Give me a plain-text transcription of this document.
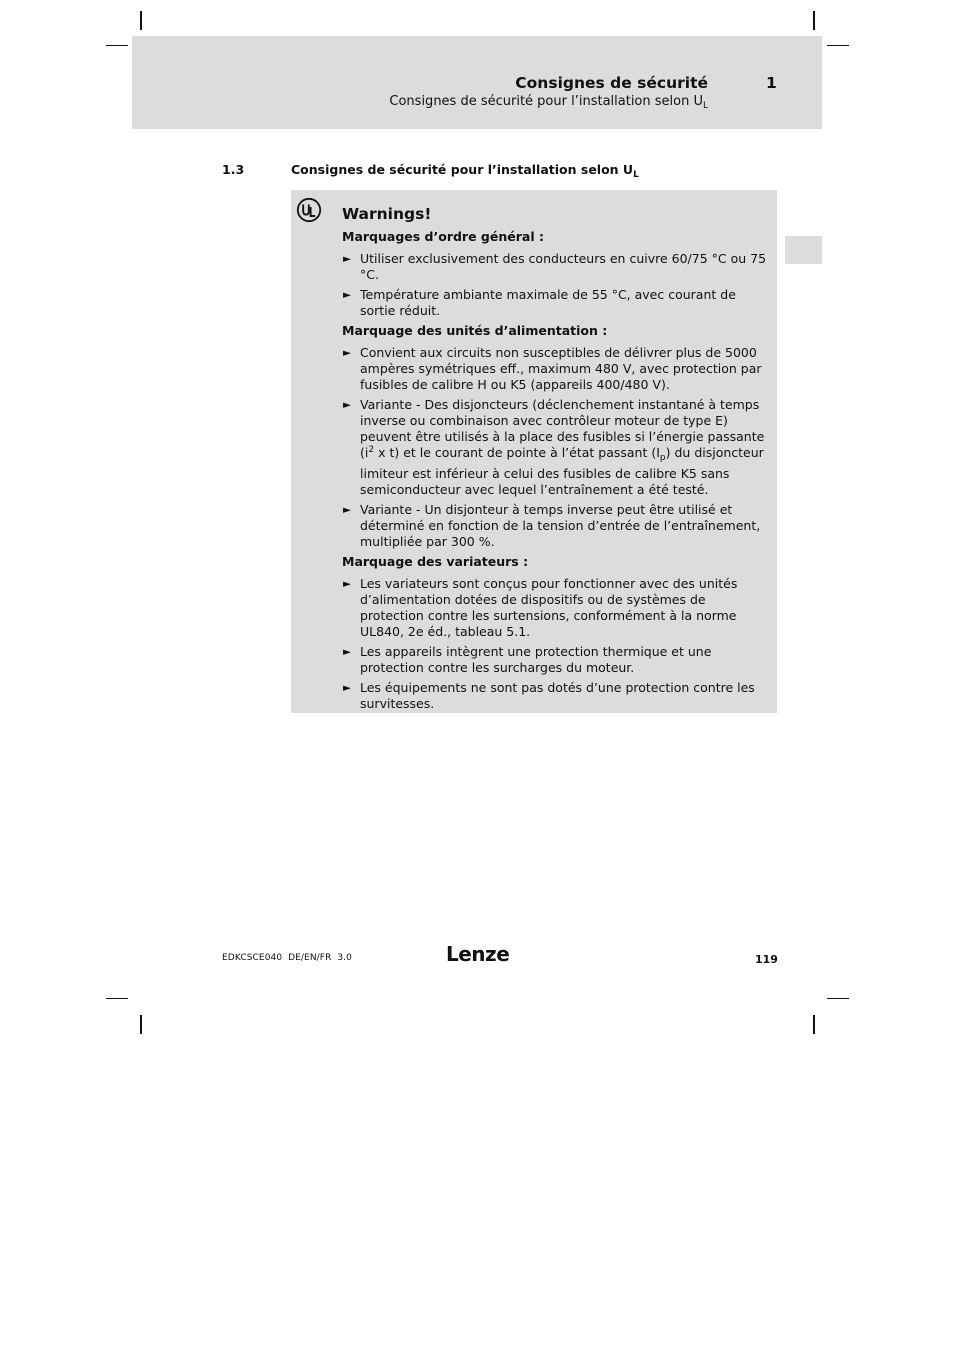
Consignes de sécurité	1
Consignes de sécurité pour l’installation selon $U_L$
1.3	Consignes de sécurité pour l’installation selon $U_L$
Warnings!
Marquages d’ordre général :
► Utiliser exclusivement des conducteurs en cuivre 60/75 °C ou 75 °C.
► Température ambiante maximale de 55 °C, avec courant de sortie réduit.
Marquage des unités d’alimentation :
► Convient aux circuits non susceptibles de délivrer plus de 5000 ampères symétriques eff., maximum 480 V, avec protection par fusibles de calibre H ou K5 (appareils 400/480 V).
► Variante - Des disjoncteurs (déclenchement instantané à temps inverse ou combinaison avec contrôleur moteur de type E) peuvent être utilisés à la place des fusibles si l’énergie passante ($i^2$ x t) et le courant de pointe à l’état passant $(I_p)$ du disjoncteur limiteur est inférieur à celui des fusibles de calibre K5 sans semiconducteur avec lequel l’entraînement a été testé.
► Variante - Un disjonteur à temps inverse peut être utilisé et déterminé en fonction de la tension d’entrée de l’entraînement, multipliée par 300 %.
Marquage des variateurs :
► Les variateurs sont conçus pour fonctionner avec des unités d’alimentation dotées de dispositifs ou de systèmes de protection contre les surtensions, conformément à la norme UL840, 2e éd., tableau 5.1.
► Les appareils intègrent une protection thermique et une protection contre les surcharges du moteur.
► Les équipements ne sont pas dotés d’une protection contre les survitesses.
EDKCSCE040  DE/EN/FR  3.0	Lenze	119
